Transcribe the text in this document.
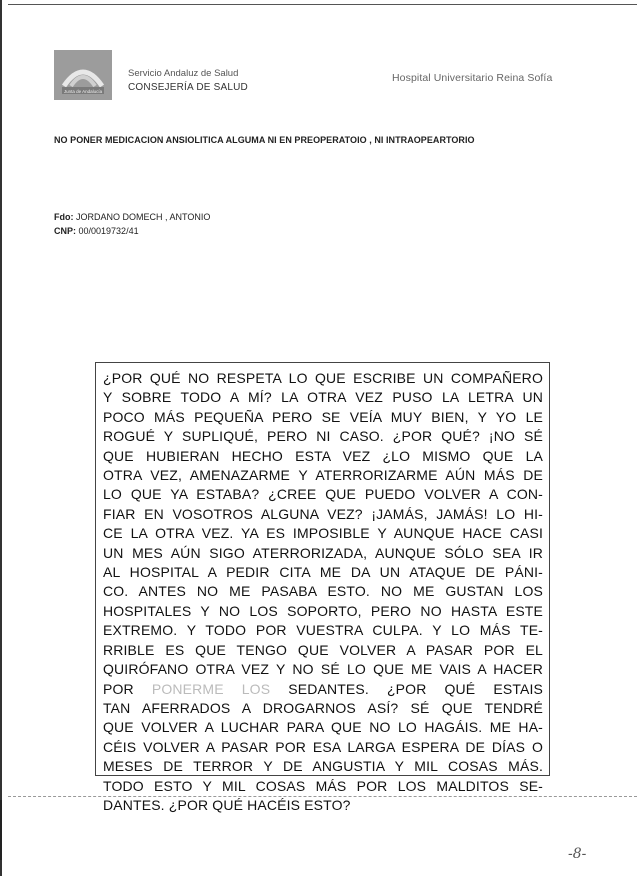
Junta de Andalucía
Servicio Andaluz de Salud
CONSEJERÍA DE SALUD
Hospital Universitario Reina Sofía
NO PONER MEDICACION ANSIOLITICA ALGUMA NI EN PREOPERATOIO , NI INTRAOPEARTORIO
Fdo: JORDANO DOMECH , ANTONIO
CNP: 00/0019732/41

¿POR QUÉ NO RESPETA LO QUE ESCRIBE UN COMPAÑERO

Y SOBRE TODO A MÍ? LA OTRA VEZ PUSO LA LETRA UN

POCO MÁS PEQUEÑA PERO SE VEÍA MUY BIEN, Y YO LE

ROGUÉ Y SUPLIQUÉ, PERO NI CASO. ¿POR QUÉ? ¡NO SÉ

QUE HUBIERAN HECHO ESTA VEZ ¿LO MISMO QUE LA

OTRA VEZ, AMENAZARME Y ATERRORIZARME AÚN MÁS DE

LO QUE YA ESTABA? ¿CREE QUE PUEDO VOLVER A CON-

FIAR EN VOSOTROS ALGUNA VEZ? ¡JAMÁS, JAMÁS! LO HI-

CE LA OTRA VEZ. YA ES IMPOSIBLE Y AUNQUE HACE CASI

UN MES AÚN SIGO ATERRORIZADA, AUNQUE SÓLO SEA IR

AL HOSPITAL A PEDIR CITA ME DA UN ATAQUE DE PÁNI-

CO. ANTES NO ME PASABA ESTO. NO ME GUSTAN LOS

HOSPITALES Y NO LOS SOPORTO, PERO NO HASTA ESTE

EXTREMO. Y TODO POR VUESTRA CULPA. Y LO MÁS TE-

RRIBLE ES QUE TENGO QUE VOLVER A PASAR POR EL

QUIRÓFANO OTRA VEZ Y NO SÉ LO QUE ME VAIS A HACER

POR PONERME LOS SEDANTES. ¿POR QUÉ ESTAIS

TAN AFERRADOS A DROGARNOS ASÍ? SÉ QUE TENDRÉ

QUE VOLVER A LUCHAR PARA QUE NO LO HAGÁIS. ME HA-

CÉIS VOLVER A PASAR POR ESA LARGA ESPERA DE DÍAS O

MESES DE TERROR Y DE ANGUSTIA Y MIL COSAS MÁS.

TODO ESTO Y MIL COSAS MÁS POR LOS MALDITOS SE-

DANTES. ¿POR QUÉ HACÉIS ESTO?

-8-
